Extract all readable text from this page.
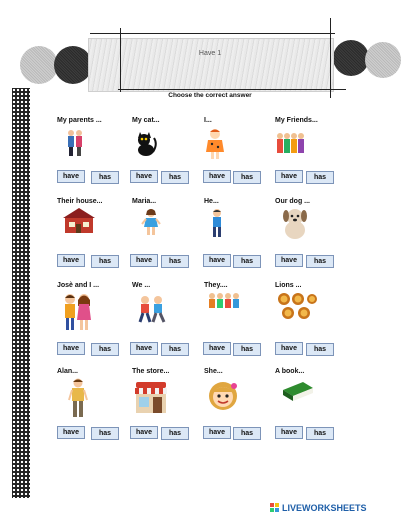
Have 1
Choose the correct answer
My parents ...	My cat...	I...	My Friends...
have	has	have	has	have	has	have	has
Their house...	Maria...	He...	Our dog ...
have	has	have	has	have	has	have	has
Josè and I ...	We ...	They....	Lions ...
have	has	have	has	have	has	have	has
Alan...	The store...	She...	A book...
have	has	have	has	have	has	have	has
LIVEWORKSHEETS
